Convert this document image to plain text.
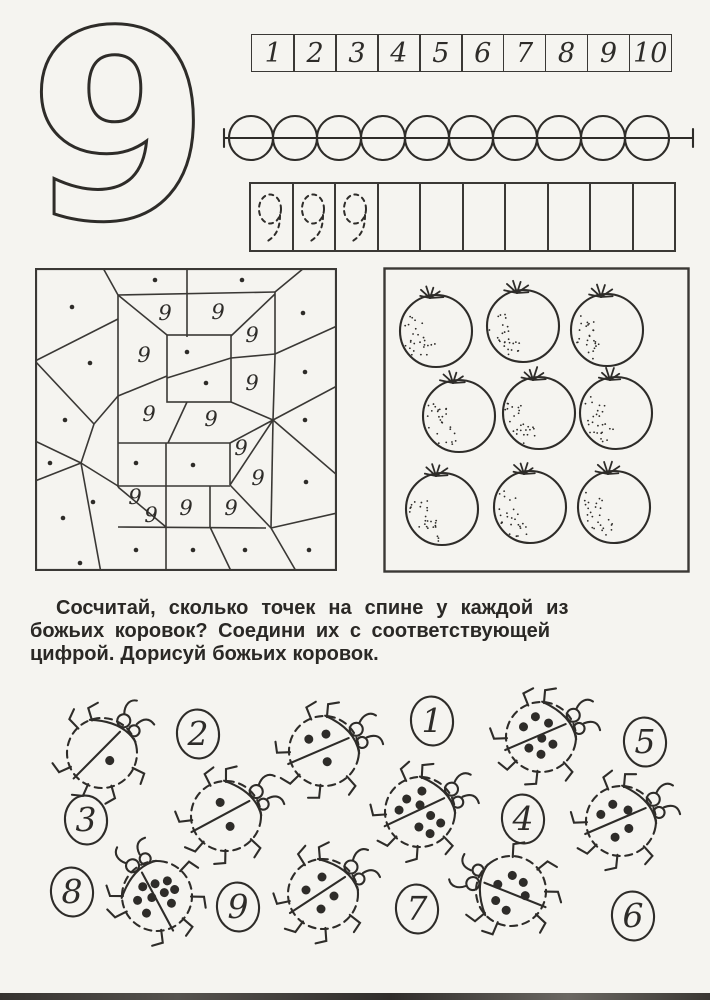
9 1 2 3 4 5 6 7 8 9 10
9 9
9
9
9
9 9
9
9
9
9 9 9
Сосчитай, сколько точек на спине у каждой из
божьих коровок? Соедини их с соответствующей
цифрой. Дорисуй божьих коровок.
1
2
3	4
5
6
7
8	9
